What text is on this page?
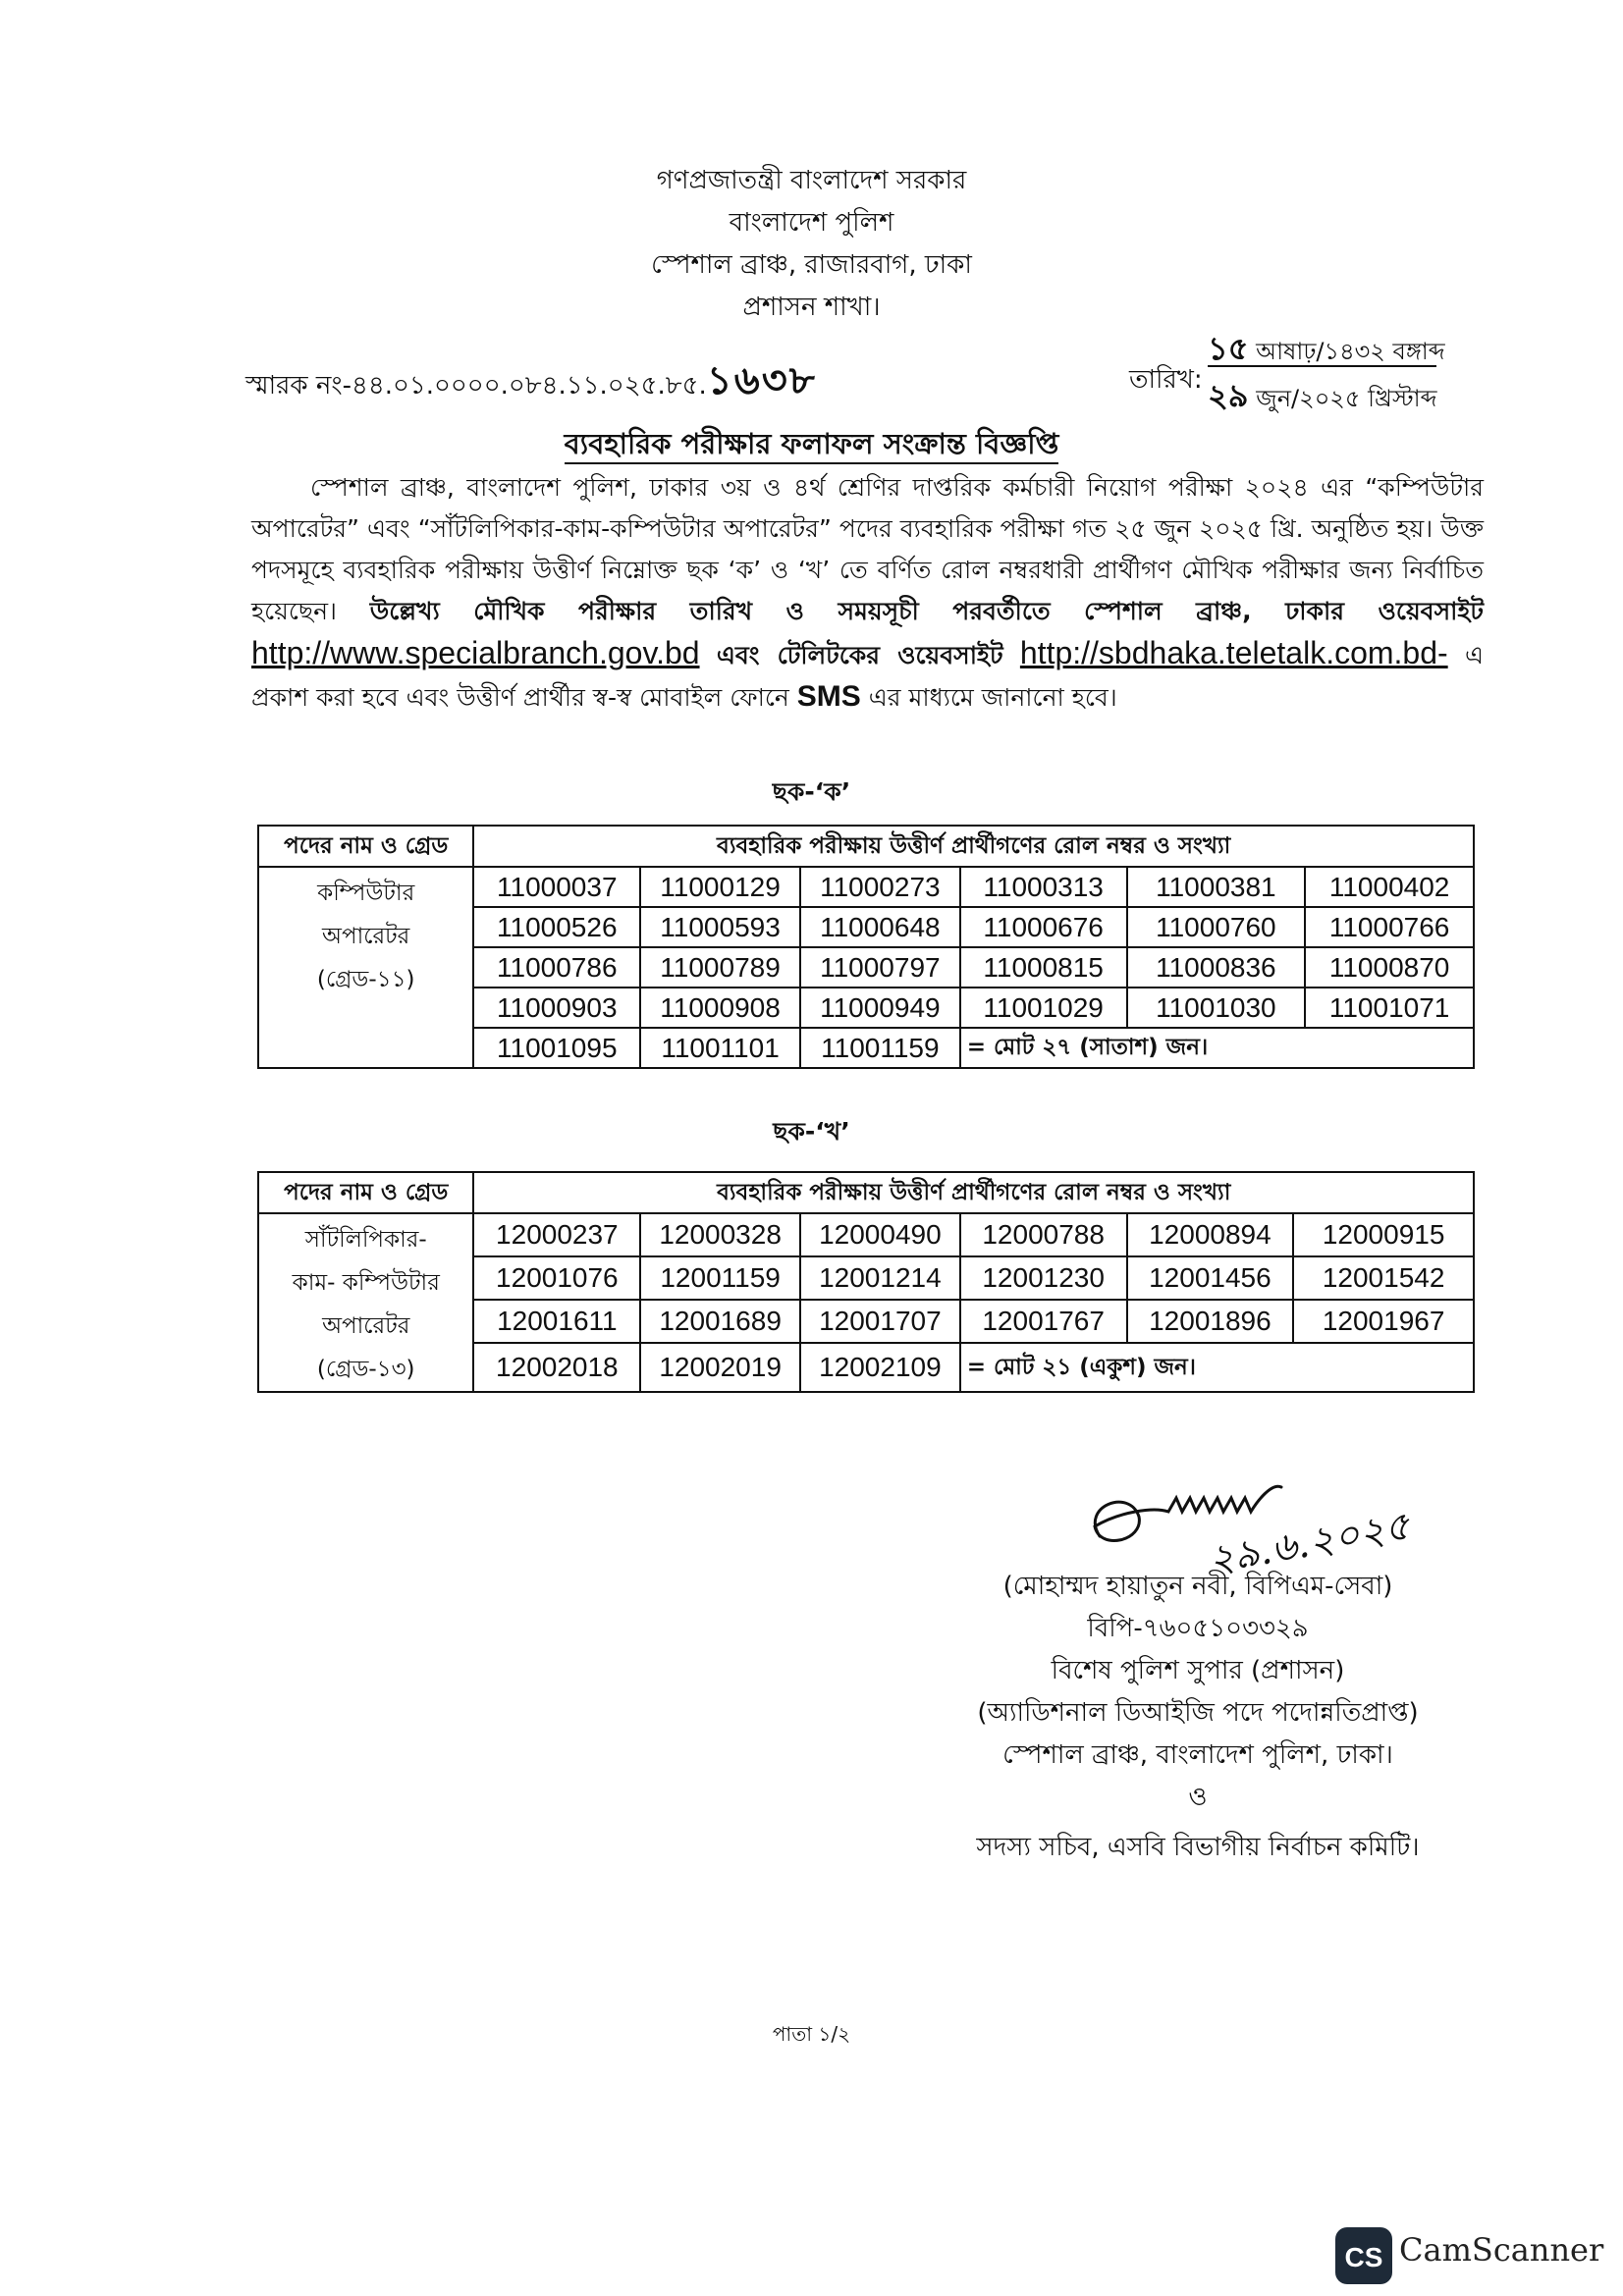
গণপ্রজাতন্ত্রী বাংলাদেশ সরকার
বাংলাদেশ পুলিশ
স্পেশাল ব্রাঞ্চ, রাজারবাগ, ঢাকা
প্রশাসন শাখা।
স্মারক নং-৪৪.০১.০০০০.০৮৪.১১.০২৫.৮৫.১৬৩৮	তারিখ:
১৫ আষাঢ়/১৪৩২ বঙ্গাব্দ
২৯ জুন/২০২৫ খ্রিস্টাব্দ
ব্যবহারিক পরীক্ষার ফলাফল সংক্রান্ত বিজ্ঞপ্তি
স্পেশাল ব্রাঞ্চ, বাংলাদেশ পুলিশ, ঢাকার ৩য় ও ৪র্থ শ্রেণির দাপ্তরিক কর্মচারী নিয়োগ পরীক্ষা ২০২৪ এর “কম্পিউটার অপারেটর” এবং “সাঁটলিপিকার-কাম-কম্পিউটার অপারেটর” পদের ব্যবহারিক পরীক্ষা গত ২৫ জুন ২০২৫ খ্রি. অনুষ্ঠিত হয়। উক্ত পদসমূহে ব্যবহারিক পরীক্ষায় উত্তীর্ণ নিম্নোক্ত ছক ‘ক’ ও ‘খ’ তে বর্ণিত রোল নম্বরধারী প্রার্থীগণ মৌখিক পরীক্ষার জন্য নির্বাচিত হয়েছেন। উল্লেখ্য মৌখিক পরীক্ষার তারিখ ও সময়সূচী পরবর্তীতে স্পেশাল ব্রাঞ্চ, ঢাকার ওয়েবসাইট http://www.specialbranch.gov.bd এবং টেলিটকের ওয়েবসাইট http://sbdhaka.teletalk.com.bd- এ প্রকাশ করা হবে এবং উত্তীর্ণ প্রার্থীর স্ব-স্ব মোবাইল ফোনে SMS এর মাধ্যমে জানানো হবে।
ছক-‘ক’
পদের নাম ও গ্রেড	ব্যবহারিক পরীক্ষায় উত্তীর্ণ প্রার্থীগণের রোল নম্বর ও সংখ্যা					

কম্পিউটার
অপারেটর
(গ্রেড-১১)	11000037	11000129	11000273	11000313	11000381	11000402
	11000526	11000593	11000648	11000676	11000760	11000766
	11000786	11000789	11000797	11000815	11000836	11000870
	11000903	11000908	11000949	11001029	11001030	11001071
	11001095	11001101	11001159	= মোট ২৭ (সাতাশ) জন।		
ছক-‘খ’
পদের নাম ও গ্রেড	ব্যবহারিক পরীক্ষায় উত্তীর্ণ প্রার্থীগণের রোল নম্বর ও সংখ্যা					

সাঁটলিপিকার-
কাম- কম্পিউটার
অপারেটর
(গ্রেড-১৩)	12000237	12000328	12000490	12000788	12000894	12000915
	12001076	12001159	12001214	12001230	12001456	12001542
	12001611	12001689	12001707	12001767	12001896	12001967
	12002018	12002019	12002109	= মোট ২১ (একুশ) জন।		
২৯.৬.২০২৫
(মোহাম্মদ হায়াতুন নবী, বিপিএম-সেবা)
বিপি-৭৬০৫১০৩৩২৯
বিশেষ পুলিশ সুপার (প্রশাসন)
(অ্যাডিশনাল ডিআইজি পদে পদোন্নতিপ্রাপ্ত)
স্পেশাল ব্রাঞ্চ, বাংলাদেশ পুলিশ, ঢাকা।
ও
সদস্য সচিব, এসবি বিভাগীয় নির্বাচন কমিটি।
পাতা ১/২
CS CamScanner
